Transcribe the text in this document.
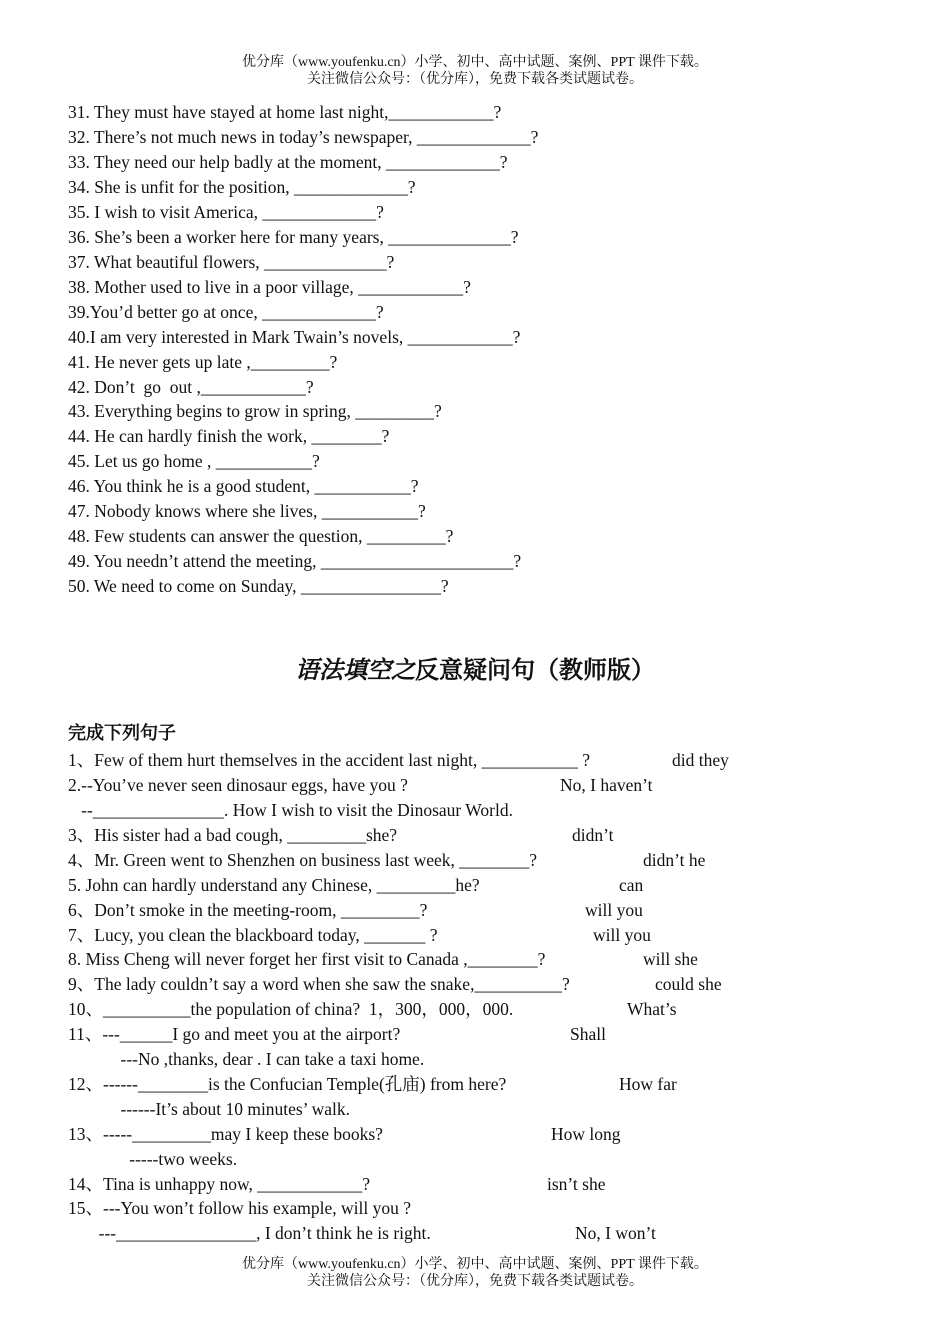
优分库（www.youfenku.cn）小学、初中、高中试题、案例、PPT 课件下载。
关注微信公众号：（优分库），免费下载各类试题试卷。
31. They must have stayed at home last night,____________?
32. There’s not much news in today’s newspaper, _____________?
33. They need our help badly at the moment, _____________?
34. She is unfit for the position, _____________?
35. I wish to visit America, _____________?
36. She’s been a worker here for many years, ______________?
37. What beautiful flowers, ______________?
38. Mother used to live in a poor village, ____________?
39.You’d better go at once, _____________?
40.I am very interested in Mark Twain’s novels, ____________?
41. He never gets up late ,_________?
42. Don’t  go  out ,____________?
43. Everything begins to grow in spring, _________?
44. He can hardly finish the work, ________?
45. Let us go home , ___________?
46. You think he is a good student, ___________?
47. Nobody knows where she lives, ___________?
48. Few students can answer the question, _________?
49. You needn’t attend the meeting, ______________________?
50. We need to come on Sunday, ________________?
语法填空之反意疑问句（教师版）
完成下列句子
1、Few of them hurt themselves in the accident last night, ___________ ?	did they
2.--You’ve never seen dinosaur eggs, have you ?	No, I haven’t
--_______________. How I wish to visit the Dinosaur World.
3、His sister had a bad cough, _________she?	didn’t
4、Mr. Green went to Shenzhen on business last week, ________?	didn’t he
5. John can hardly understand any Chinese, _________he?	can
6、Don’t smoke in the meeting-room, _________?	will you
7、Lucy, you clean the blackboard today, _______ ?	will you
8. Miss Cheng will never forget her first visit to Canada ,________?	will she
9、The lady couldn’t say a word when she saw the snake,__________?	could she
10、__________the population of china?  1，300，000，000.	What’s
11、---______I go and meet you at the airport?	Shall
---No ,thanks, dear . I can take a taxi home.
12、------________is the Confucian Temple(孔庙) from here?	How far
------It’s about 10 minutes’ walk.
13、-----_________may I keep these books?	How long
-----two weeks.
14、Tina is unhappy now, ____________?	isn’t she
15、---You won’t follow his example, will you ?
---________________, I don’t think he is right.	No, I won’t
优分库（www.youfenku.cn）小学、初中、高中试题、案例、PPT 课件下载。
关注微信公众号：（优分库），免费下载各类试题试卷。
